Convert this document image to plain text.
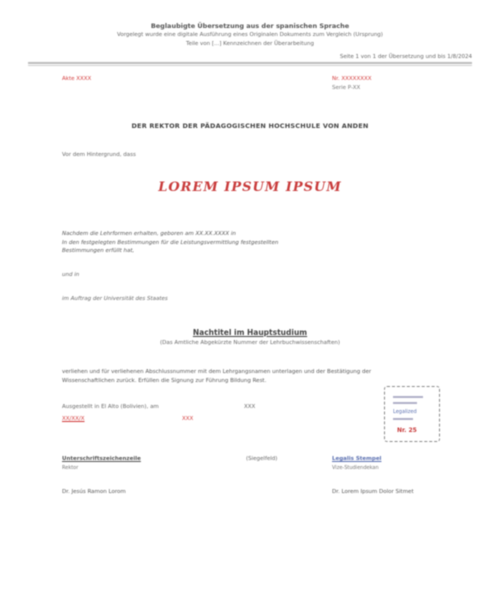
Beglaubigte Übersetzung aus der spanischen Sprache
Vorgelegt wurde eine digitale Ausführung eines Originalen Dokuments zum Vergleich (Ursprung)
Teile von [...] Kennzeichnen der Überarbeitung
Seite 1 von 1 der Übersetzung und bis 1/8/2024
Akte XXXX	Nr. XXXXXXXX
Serie P-XX
DER REKTOR DER PÄDAGOGISCHEN HOCHSCHULE VON ANDEN
Vor dem Hintergrund, dass
LOREM IPSUM IPSUM
Nachdem die Lehrformen erhalten, geboren am XX.XX.XXXX in
In den festgelegten Bestimmungen für die Leistungsvermittlung festgestellten
Bestimmungen erfüllt hat,
und in
im Auftrag der Universität des Staates
Nachtitel im Hauptstudium
(Das Amtliche Abgekürzte Nummer der Lehrbuchwissenschaften)
verliehen und für verliehenen Abschlussnummer mit dem Lehrgangsnamen unterlagen und der Bestätigung der
Wissenschaftlichen zurück. Erfüllen die Signung zur Führung Bildung Rest.
Ausgestellt in El Alto (Bolivien), am
XX/XX/X	XXX
XXX
Legalized
Nr. 25
Unterschriftszeichenzeile
Rektor
(Siegelfeld)	Legalis Stempel
Vize-Studiendekan
Dr. Jesús Ramon Lorom	Dr. Lorem Ipsum Dolor Sitmet
